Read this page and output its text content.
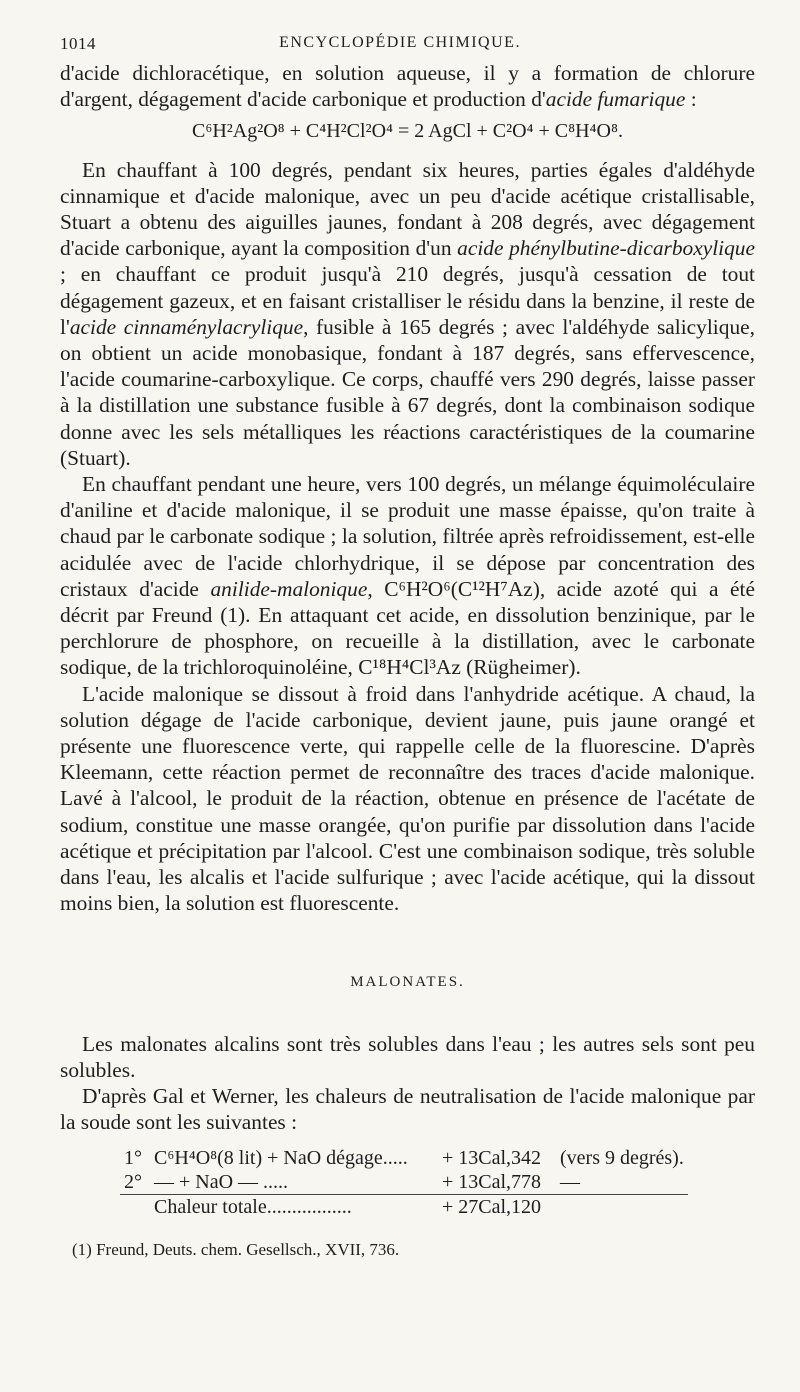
1014	ENCYCLOPÉDIE CHIMIQUE.

d'acide dichloracétique, en solution aqueuse, il y a formation de chlorure d'argent, dégagement d'acide carbonique et production d'acide fumarique :

C⁶H²Ag²O⁸ + C⁴H²Cl²O⁴ = 2 AgCl + C²O⁴ + C⁸H⁴O⁸.

En chauffant à 100 degrés, pendant six heures, parties égales d'aldéhyde cinnamique et d'acide malonique, avec un peu d'acide acétique cristallisable, Stuart a obtenu des aiguilles jaunes, fondant à 208 degrés, avec dégagement d'acide carbonique, ayant la composition d'un acide phénylbutine-dicarboxylique ; en chauffant ce produit jusqu'à 210 degrés, jusqu'à cessation de tout dégagement gazeux, et en faisant cristalliser le résidu dans la benzine, il reste de l'acide cinnaménylacrylique, fusible à 165 degrés ; avec l'aldéhyde salicylique, on obtient un acide monobasique, fondant à 187 degrés, sans effervescence, l'acide coumarine-carboxylique. Ce corps, chauffé vers 290 degrés, laisse passer à la distillation une substance fusible à 67 degrés, dont la combinaison sodique donne avec les sels métalliques les réactions caractéristiques de la coumarine (Stuart).

En chauffant pendant une heure, vers 100 degrés, un mélange équimoléculaire d'aniline et d'acide malonique, il se produit une masse épaisse, qu'on traite à chaud par le carbonate sodique ; la solution, filtrée après refroidissement, est-elle acidulée avec de l'acide chlorhydrique, il se dépose par concentration des cristaux d'acide anilide-malonique, C⁶H²O⁶(C¹²H⁷Az), acide azoté qui a été décrit par Freund (1). En attaquant cet acide, en dissolution benzinique, par le perchlorure de phosphore, on recueille à la distillation, avec le carbonate sodique, de la trichloroquinoléine, C¹⁸H⁴Cl³Az (Rügheimer).

L'acide malonique se dissout à froid dans l'anhydride acétique. A chaud, la solution dégage de l'acide carbonique, devient jaune, puis jaune orangé et présente une fluorescence verte, qui rappelle celle de la fluorescine. D'après Kleemann, cette réaction permet de reconnaître des traces d'acide malonique. Lavé à l'alcool, le produit de la réaction, obtenue en présence de l'acétate de sodium, constitue une masse orangée, qu'on purifie par dissolution dans l'acide acétique et précipitation par l'alcool. C'est une combinaison sodique, très soluble dans l'eau, les alcalis et l'acide sulfurique ; avec l'acide acétique, qui la dissout moins bien, la solution est fluorescente.

MALONATES.

Les malonates alcalins sont très solubles dans l'eau ; les autres sels sont peu solubles.

D'après Gal et Werner, les chaleurs de neutralisation de l'acide malonique par la soude sont les suivantes :

1°	C⁶H⁴O⁸(8 lit) + NaO dégage.....	+ 13Cal,342	(vers 9 degrés).
2°	— + NaO — .....	+ 13Cal,778	—
	Chaleur totale.................	+ 27Cal,120	
(1) Freund, Deuts. chem. Gesellsch., XVII, 736.
